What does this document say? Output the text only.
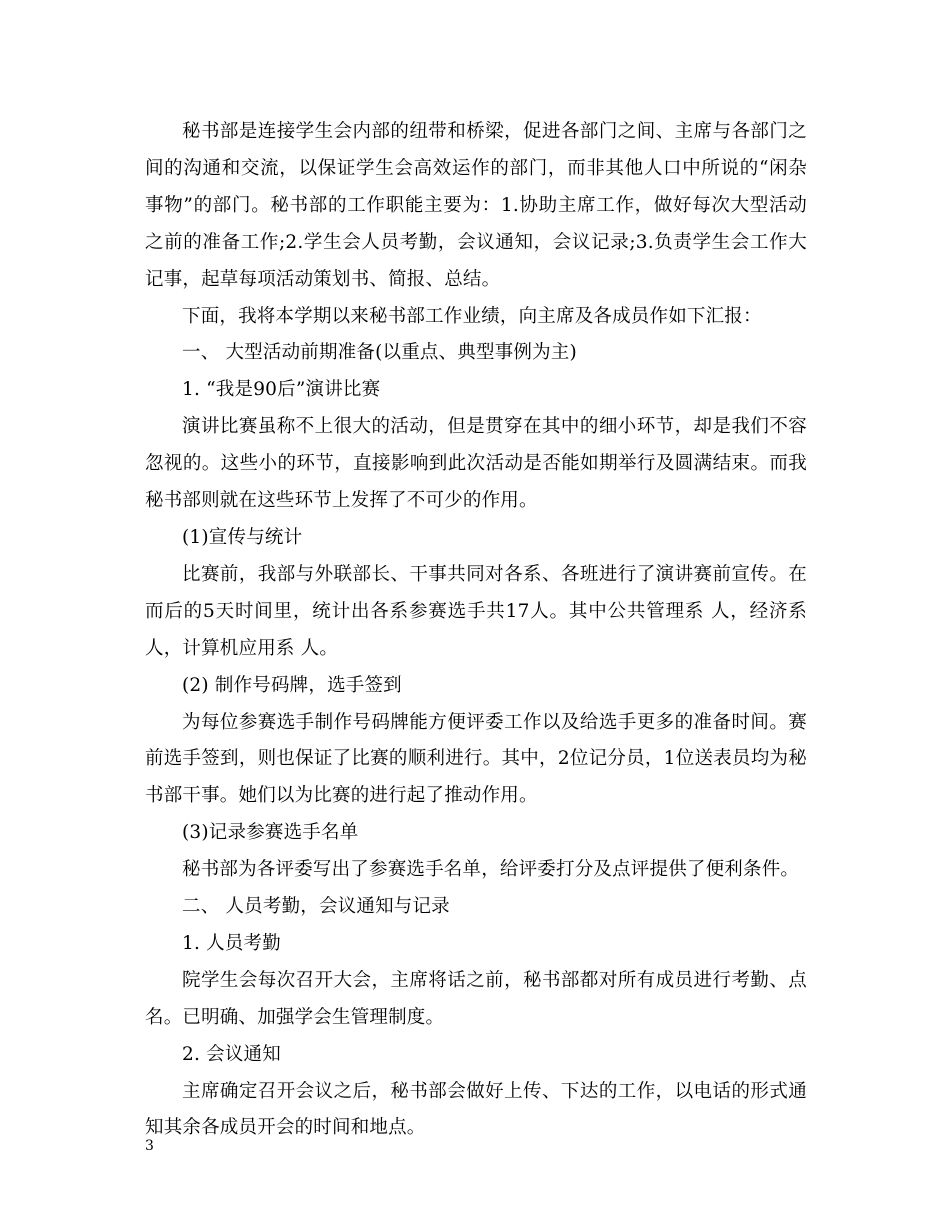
秘书部是连接学生会内部的纽带和桥梁，促进各部门之间、主席与各部门之间的沟通和交流，以保证学生会高效运作的部门，而非其他人口中所说的“闲杂事物”的部门。秘书部的工作职能主要为：1.协助主席工作，做好每次大型活动之前的准备工作;2.学生会人员考勤，会议通知，会议记录;3.负责学生会工作大记事，起草每项活动策划书、简报、总结。

下面，我将本学期以来秘书部工作业绩，向主席及各成员作如下汇报：

一、 大型活动前期准备(以重点、典型事例为主)

1. “我是90后”演讲比赛

演讲比赛虽称不上很大的活动，但是贯穿在其中的细小环节，却是我们不容忽视的。这些小的环节，直接影响到此次活动是否能如期举行及圆满结束。而我秘书部则就在这些环节上发挥了不可少的作用。

(1)宣传与统计

比赛前，我部与外联部长、干事共同对各系、各班进行了演讲赛前宣传。在而后的5天时间里，统计出各系参赛选手共17人。其中公共管理系 人，经济系 人，计算机应用系 人。

(2) 制作号码牌，选手签到

为每位参赛选手制作号码牌能方便评委工作以及给选手更多的准备时间。赛前选手签到，则也保证了比赛的顺利进行。其中，2位记分员，1位送表员均为秘书部干事。她们以为比赛的进行起了推动作用。

(3)记录参赛选手名单

秘书部为各评委写出了参赛选手名单，给评委打分及点评提供了便利条件。

二、 人员考勤，会议通知与记录

1. 人员考勤

院学生会每次召开大会，主席将话之前，秘书部都对所有成员进行考勤、点名。已明确、加强学会生管理制度。

2. 会议通知

主席确定召开会议之后，秘书部会做好上传、下达的工作，以电话的形式通知其余各成员开会的时间和地点。

3
